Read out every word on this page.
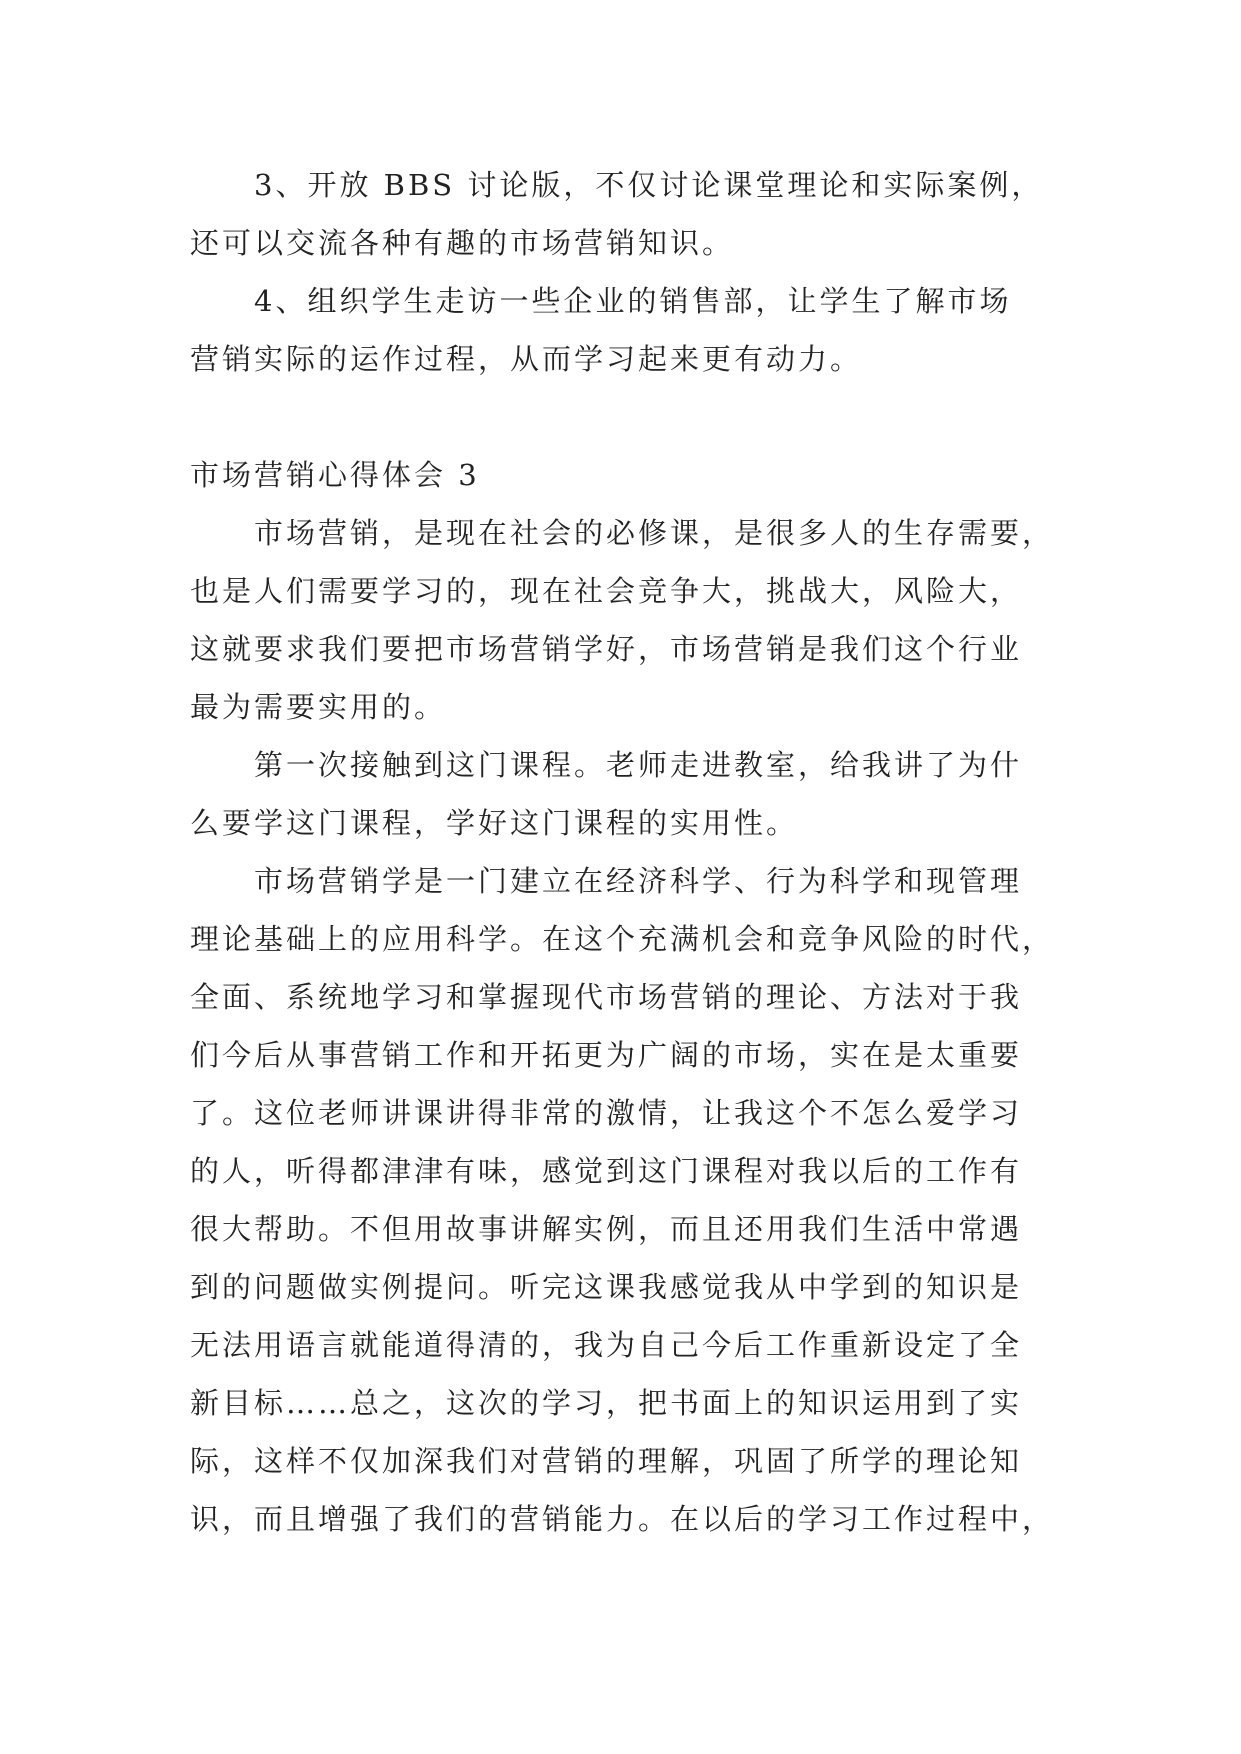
3、开放 BBS 讨论版，不仅讨论课堂理论和实际案例，
还可以交流各种有趣的市场营销知识。
4、组织学生走访一些企业的销售部，让学生了解市场
营销实际的运作过程，从而学习起来更有动力。
市场营销心得体会 3
市场营销，是现在社会的必修课，是很多人的生存需要，
也是人们需要学习的，现在社会竞争大，挑战大，风险大，
这就要求我们要把市场营销学好，市场营销是我们这个行业
最为需要实用的。
第一次接触到这门课程。老师走进教室，给我讲了为什
么要学这门课程，学好这门课程的实用性。
市场营销学是一门建立在经济科学、行为科学和现管理
理论基础上的应用科学。在这个充满机会和竞争风险的时代，
全面、系统地学习和掌握现代市场营销的理论、方法对于我
们今后从事营销工作和开拓更为广阔的市场，实在是太重要
了。这位老师讲课讲得非常的激情，让我这个不怎么爱学习
的人，听得都津津有味，感觉到这门课程对我以后的工作有
很大帮助。不但用故事讲解实例，而且还用我们生活中常遇
到的问题做实例提问。听完这课我感觉我从中学到的知识是
无法用语言就能道得清的，我为自己今后工作重新设定了全
新目标……总之，这次的学习，把书面上的知识运用到了实
际，这样不仅加深我们对营销的理解，巩固了所学的理论知
识，而且增强了我们的营销能力。在以后的学习工作过程中，
